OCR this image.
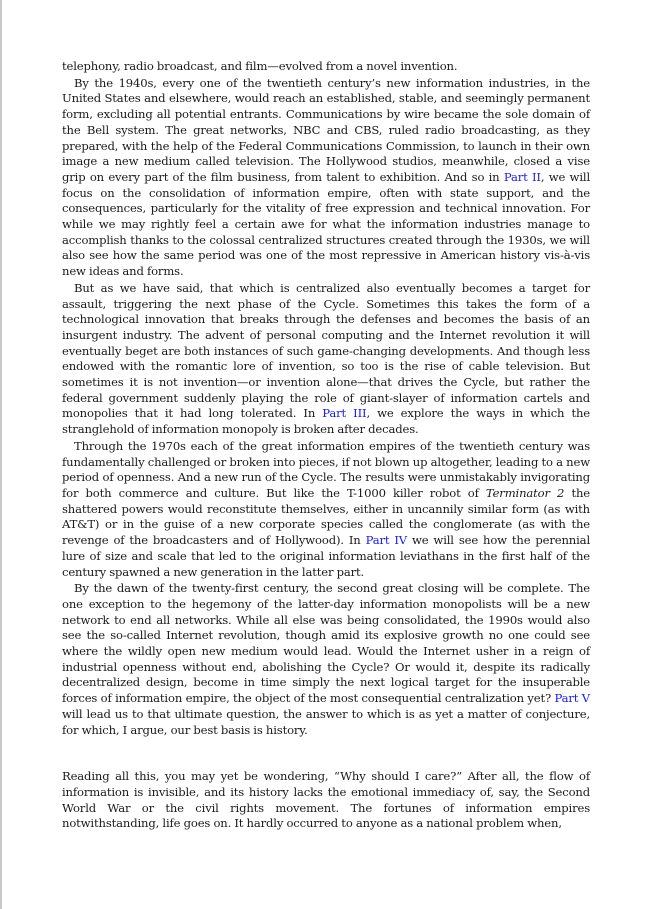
telephony, radio broadcast, and film—evolved from a novel invention.

By the 1940s, every one of the twentieth century’s new information industries, in the United States and elsewhere, would reach an established, stable, and seemingly permanent form, excluding all potential entrants. Communications by wire became the sole domain of the Bell system. The great networks, NBC and CBS, ruled radio broadcasting, as they prepared, with the help of the Federal Communications Commission, to launch in their own image a new medium called television. The Hollywood studios, meanwhile, closed a vise grip on every part of the film business, from talent to exhibition. And so in Part II, we will focus on the consolidation of information empire, often with state support, and the consequences, particularly for the vitality of free expression and technical innovation. For while we may rightly feel a certain awe for what the information industries manage to accomplish thanks to the colossal centralized structures created through the 1930s, we will also see how the same period was one of the most repressive in American history vis-à-vis new ideas and forms.

But as we have said, that which is centralized also eventually becomes a target for assault, triggering the next phase of the Cycle. Sometimes this takes the form of a technological innovation that breaks through the defenses and becomes the basis of an insurgent industry. The advent of personal computing and the Internet revolution it will eventually beget are both instances of such game-changing developments. And though less endowed with the romantic lore of invention, so too is the rise of cable television. But sometimes it is not invention—or invention alone—that drives the Cycle, but rather the federal government suddenly playing the role of giant-slayer of information cartels and monopolies that it had long tolerated. In Part III, we explore the ways in which the stranglehold of information monopoly is broken after decades.

Through the 1970s each of the great information empires of the twentieth century was fundamentally challenged or broken into pieces, if not blown up altogether, leading to a new period of openness. And a new run of the Cycle. The results were unmistakably invigorating for both commerce and culture. But like the T-1000 killer robot of Terminator 2 the shattered powers would reconstitute themselves, either in uncannily similar form (as with AT&T) or in the guise of a new corporate species called the conglomerate (as with the revenge of the broadcasters and of Hollywood). In Part IV we will see how the perennial lure of size and scale that led to the original information leviathans in the first half of the century spawned a new generation in the latter part.

By the dawn of the twenty-first century, the second great closing will be complete. The one exception to the hegemony of the latter-day information monopolists will be a new network to end all networks. While all else was being consolidated, the 1990s would also see the so-called Internet revolution, though amid its explosive growth no one could see where the wildly open new medium would lead. Would the Internet usher in a reign of industrial openness without end, abolishing the Cycle? Or would it, despite its radically decentralized design, become in time simply the next logical target for the insuperable forces of information empire, the object of the most consequential centralization yet? Part V will lead us to that ultimate question, the answer to which is as yet a matter of conjecture, for which, I argue, our best basis is history.

Reading all this, you may yet be wondering, “Why should I care?” After all, the flow of information is invisible, and its history lacks the emotional immediacy of, say, the Second World War or the civil rights movement. The fortunes of information empires notwithstanding, life goes on. It hardly occurred to anyone as a national problem when,
